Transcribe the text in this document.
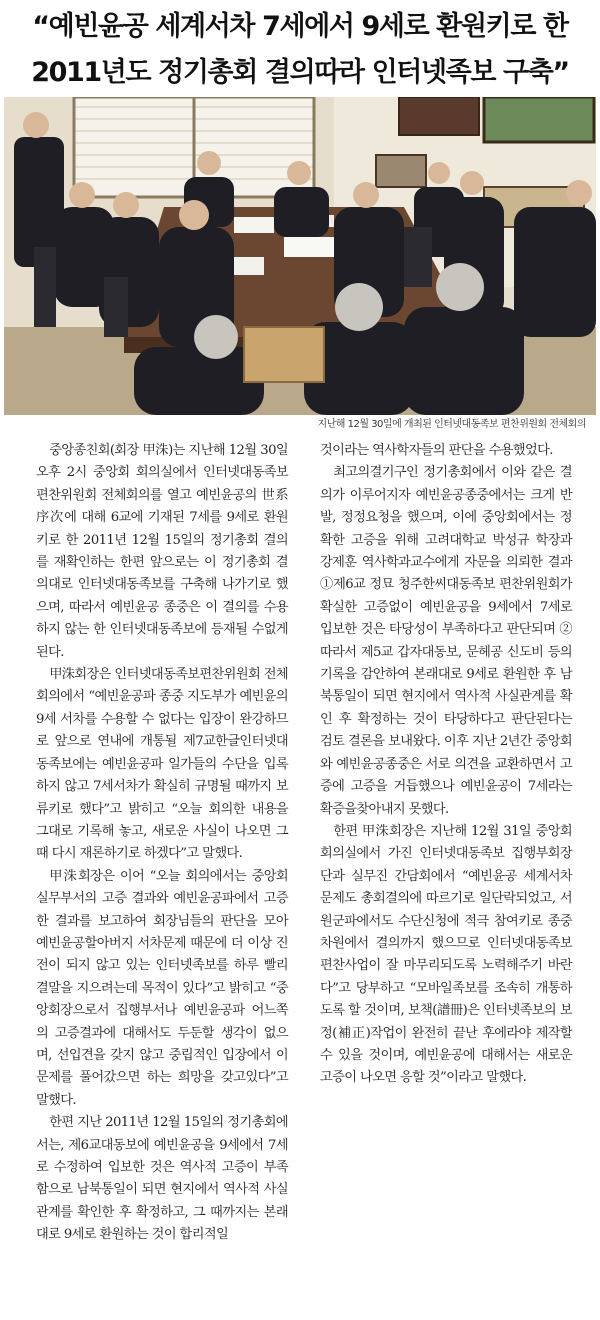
“예빈윤공 세계서차 7세에서 9세로 환원키로 한
2011년도 정기총회 결의따라 인터넷족보 구축”
지난해 12월 30일에 개최된 인터넷대동족보 편찬위원회 전체회의

중앙종친회(회장 甲洙)는 지난해 12월 30일 오후 2시 중앙회 회의실에서 인터넷대동족보편찬위원회 전체회의를 열고 예빈윤공의 世系序次에 대해 6교에 기재된 7세를 9세로 환원키로 한 2011년 12월 15일의 정기총회 결의를 재확인하는 한편 앞으로는 이 정기총회 결의대로 인터넷대동족보를 구축해 나가기로 했으며, 따라서 예빈윤공 종중은 이 결의를 수용하지 않는 한 인터넷대동족보에 등재될 수없게 된다.

甲洙회장은 인터넷대동족보편찬위원회 전체회의에서 “예빈윤공파 종중 지도부가 예빈윤의 9세 서차를 수용할 수 없다는 입장이 완강하므로 앞으로 연내에 개통될 제7교한글인터넷대동족보에는 예빈윤공파 일가들의 수단을 입록하지 않고 7세서차가 확실히 규명될 때까지 보류키로 했다”고 밝히고 “오늘 회의한 내용을 그대로 기록해 놓고, 새로운 사실이 나오면 그 때 다시 재론하기로 하겠다”고 말했다.

甲洙회장은 이어 “오늘 회의에서는 중앙회 실무부서의 고증 결과와 예빈윤공파에서 고증한 결과를 보고하여 회장님들의 판단을 모아 예빈윤공할아버지 서차문제 때문에 더 이상 진전이 되지 않고 있는 인터넷족보를 하루 빨리 결말을 지으려는데 목적이 있다”고 밝히고 “중앙회장으로서 집행부서나 예빈윤공파 어느쪽의 고증결과에 대해서도 두둔할 생각이 없으며, 선입견을 갖지 않고 중립적인 입장에서 이 문제를 풀어갔으면 하는 희망을 갖고있다”고 말했다.

한편 지난 2011년 12월 15일의 정기총회에서는, 제6교대동보에 예빈윤공을 9세에서 7세로 수정하여 입보한 것은 역사적 고증이 부족함으로 남북통일이 되면 현지에서 역사적 사실관계를 확인한 후 확정하고, 그 때까지는 본래대로 9세로 환원하는 것이 합리적일

것이라는 역사학자들의 판단을 수용했었다.

최고의결기구인 정기총회에서 이와 같은 결의가 이루어지자 예빈윤공종중에서는 크게 반발, 정정요청을 했으며, 이에 중앙회에서는 정확한 고증을 위해 고려대학교 박성규 학장과 강제훈 역사학과교수에게 자문을 의뢰한 결과 ①제6교 정묘 청주한씨대동족보 편찬위원회가 확실한 고증없이 예빈윤공을 9세에서 7세로 입보한 것은 타당성이 부족하다고 판단되며 ②따라서 제5교 갑자대동보, 문헤공 신도비 등의 기록을 감안하여 본래대로 9세로 환원한 후 남북통일이 되면 현지에서 역사적 사실관계를 확인 후 확정하는 것이 타당하다고 판단된다는 검토 결론을 보내왔다. 이후 지난 2년간 중앙회와 예빈윤공종중은 서로 의견을 교환하면서 고증에 고증을 거듭했으나 예빈윤공이 7세라는 확증을찾아내지 못했다.

한편 甲洙회장은 지난해 12월 31일 중앙회 회의실에서 가진 인터넷대동족보 집행부회장단과 실무진 간담회에서 “예빈윤공 세계서차 문제도 총회결의에 따르기로 일단락되었고, 서원군파에서도 수단신청에 적극 참여키로 종중차원에서 결의까지 했으므로 인터넷대동족보 편찬사업이 잘 마무리되도록 노력해주기 바란다”고 당부하고 “모바일족보를 조속히 개통하도록 할 것이며, 보책(譜冊)은 인터넷족보의 보정(補正)작업이 완전히 끝난 후에라야 제작할 수 있을 것이며, 예빈윤공에 대해서는 새로운 고증이 나오면 응할 것”이라고 말했다.
